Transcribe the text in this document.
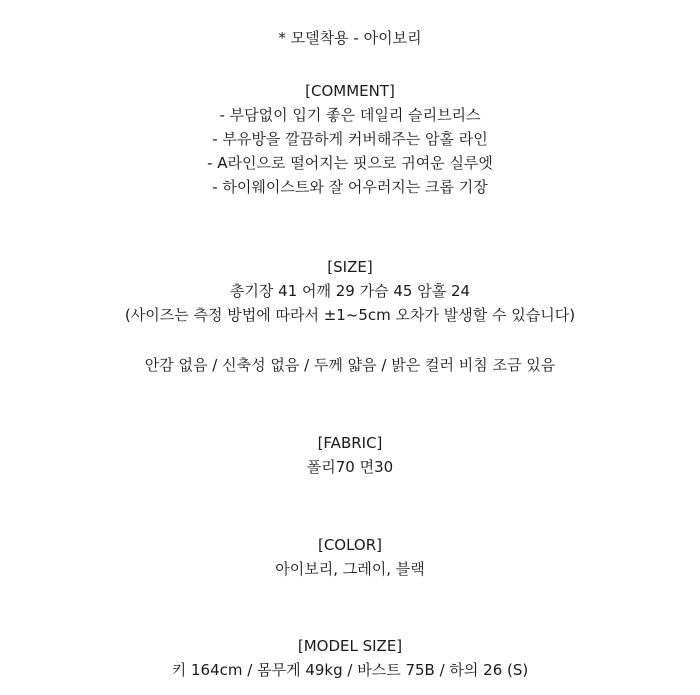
* 모델착용 - 아이보리
[COMMENT]
- 부담없이 입기 좋은 데일리 슬리브리스
- 부유방을 깔끔하게 커버해주는 암홀 라인
- A라인으로 떨어지는 핏으로 귀여운 실루엣
- 하이웨이스트와 잘 어우러지는 크롭 기장
[SIZE]
총기장 41 어깨 29 가슴 45 암홀 24
(사이즈는 측정 방법에 따라서 ±1~5cm 오차가 발생할 수 있습니다)
안감 없음 / 신축성 없음 / 두께 얇음 / 밝은 컬러 비침 조금 있음
[FABRIC]
폴리70 면30
[COLOR]
아이보리, 그레이, 블랙
[MODEL SIZE]
키 164cm / 몸무게 49kg / 바스트 75B / 하의 26 (S)
